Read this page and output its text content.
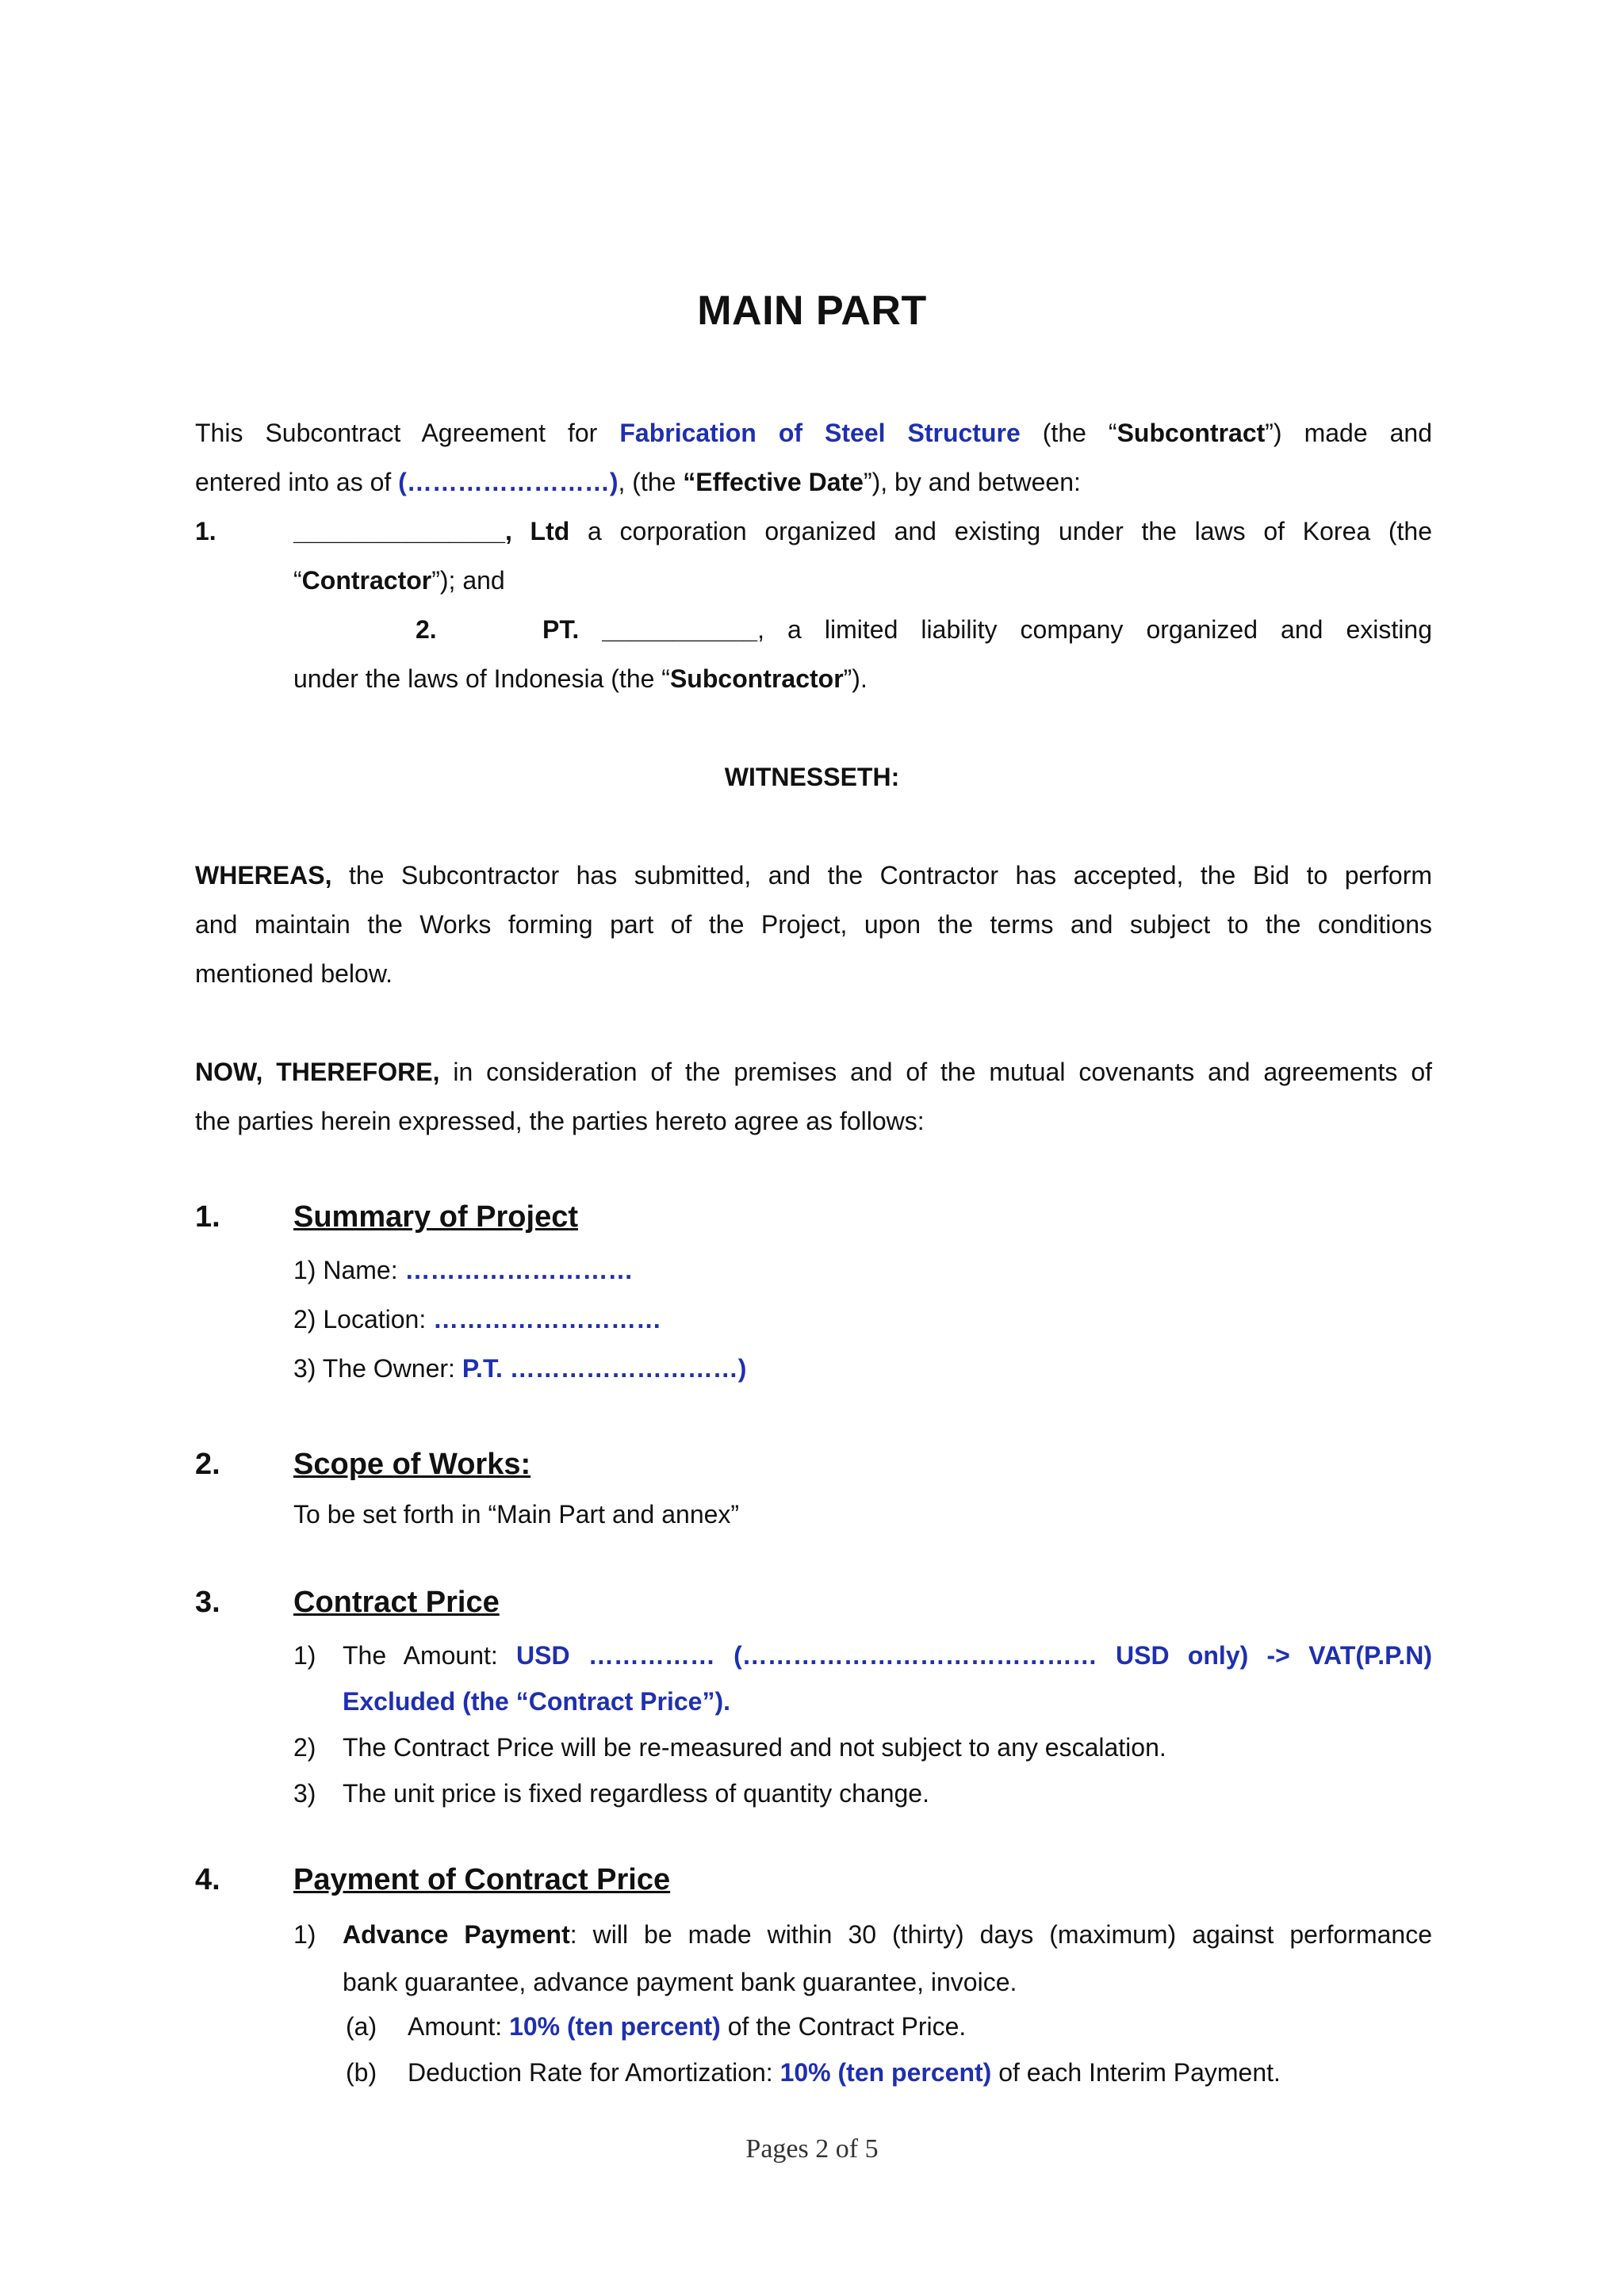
MAIN PART
This Subcontract Agreement for Fabrication of Steel Structure (the “Subcontract”) made and
entered into as of (……………………), (the “Effective Date”), by and between:
1.	_______________, Ltd a corporation organized and existing under the laws of Korea (the
“Contractor”); and
2.	PT. ___________, a limited liability company organized and existing
under the laws of Indonesia (the “Subcontractor”).
WITNESSETH:
WHEREAS, the Subcontractor has submitted, and the Contractor has accepted, the Bid to perform
and maintain the Works forming part of the Project, upon the terms and subject to the conditions
mentioned below.
NOW, THEREFORE, in consideration of the premises and of the mutual covenants and agreements of
the parties herein expressed, the parties hereto agree as follows:
1. Summary of Project
1) Name: ………………………
2) Location: ………………………
3) The Owner: P.T. ………………………)
2. Scope of Works:
To be set forth in “Main Part and annex”
3. Contract Price
1) The Amount: USD …………… (…………………………………… USD only) -> VAT(P.P.N)
Excluded (the “Contract Price”).
2) The Contract Price will be re-measured and not subject to any escalation.
3) The unit price is fixed regardless of quantity change.
4. Payment of Contract Price
1) Advance Payment: will be made within 30 (thirty) days (maximum) against performance
bank guarantee, advance payment bank guarantee, invoice.
(a) Amount: 10% (ten percent) of the Contract Price.
(b) Deduction Rate for Amortization: 10% (ten percent) of each Interim Payment.
Pages 2 of 5
